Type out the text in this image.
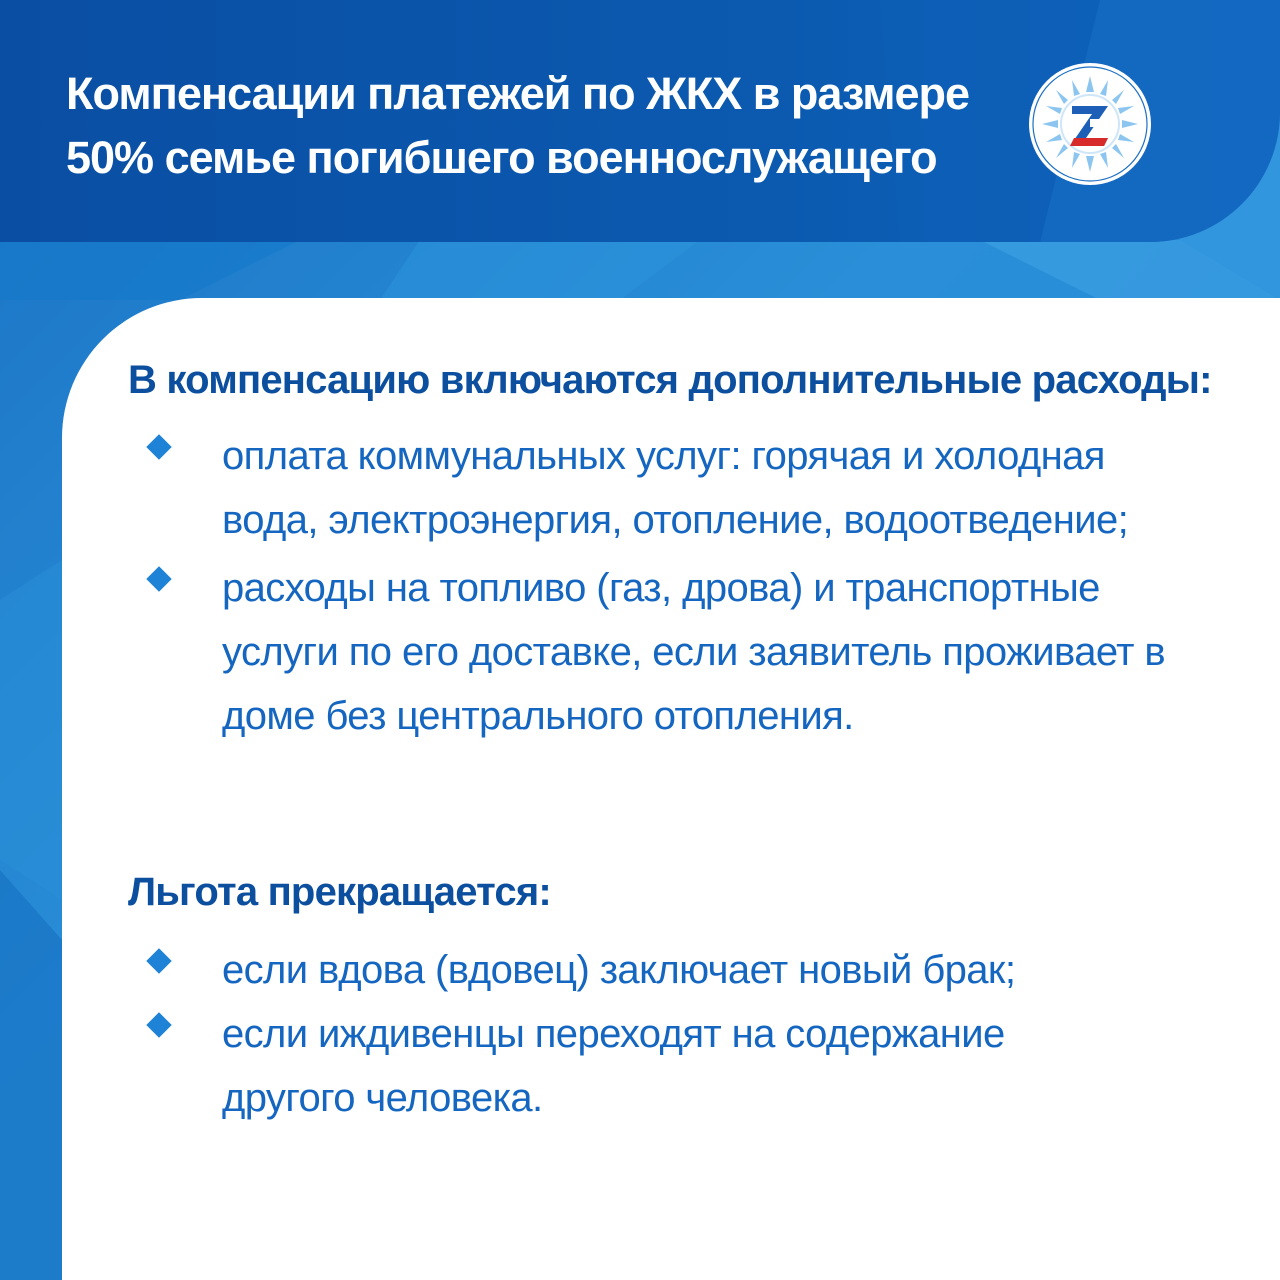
Компенсации платежей по ЖКХ в размере 50% семье погибшего военнослужащего
В компенсацию включаются дополнительные расходы:
оплата коммунальных услуг: горячая и холодная вода, электроэнергия, отопление, водоотведение;
расходы на топливо (газ, дрова) и транспортные услуги по его доставке, если заявитель проживает в доме без центрального отопления.
Льгота прекращается:
если вдова (вдовец) заключает новый брак;
если иждивенцы переходят на содержание другого человека.
